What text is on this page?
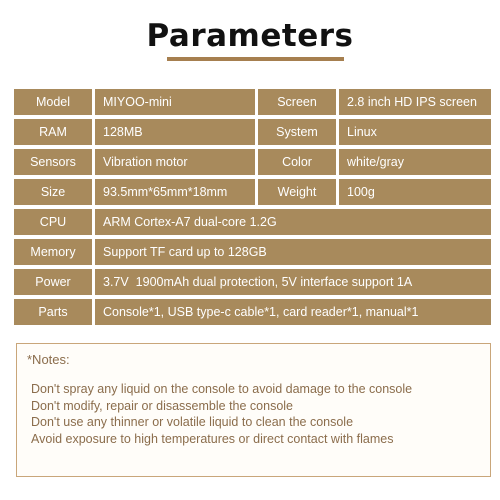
Parameters
Model	MIYOO-mini	Screen	2.8 inch HD IPS screen
RAM	128MB	System	Linux
Sensors	Vibration motor	Color	white/gray
Size	93.5mm*65mm*18mm	Weight	100g
CPU	ARM Cortex-A7 dual-core 1.2G
Memory	Support TF card up to 128GB
Power	3.7V  1900mAh dual protection, 5V interface support 1A
Parts	Console*1, USB type-c cable*1, card reader*1, manual*1
*Notes:
Don't spray any liquid on the console to avoid damage to the console
Don't modify, repair or disassemble the console
Don't use any thinner or volatile liquid to clean the console
Avoid exposure to high temperatures or direct contact with flames
